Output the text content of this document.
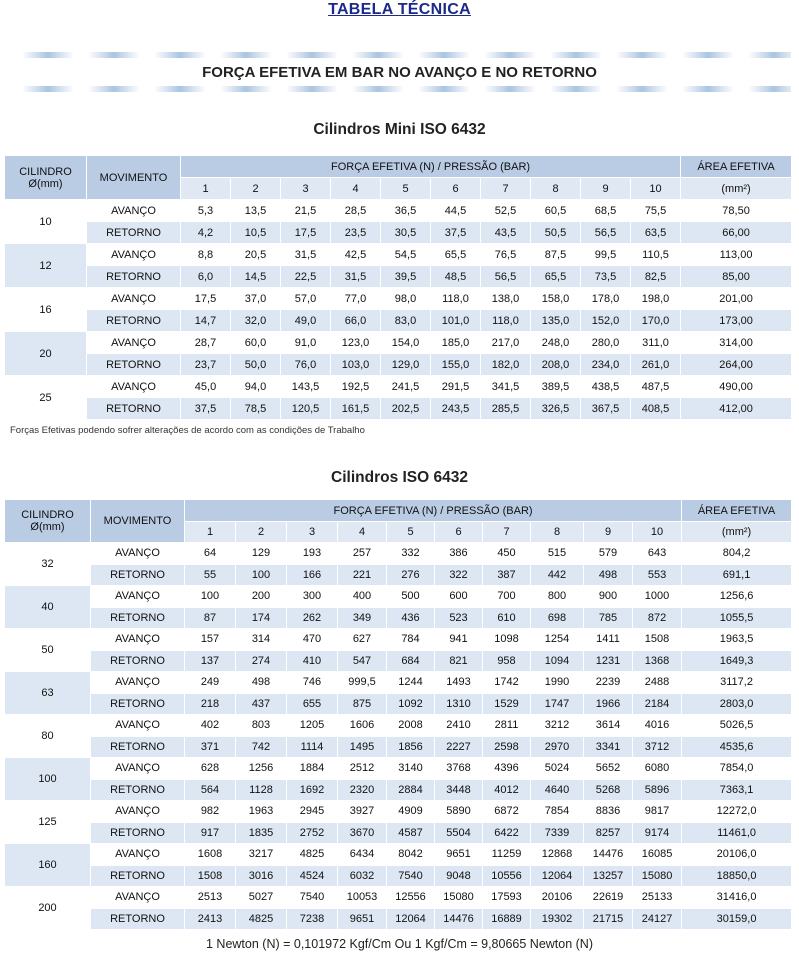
TABELA TÉCNICA
FORÇA EFETIVA EM BAR NO AVANÇO E NO RETORNO
Cilindros Mini ISO 6432
CILINDRO
Ø(mm)	MOVIMENTO	FORÇA EFETIVA (N) / PRESSÃO (BAR)										ÁREA EFETIVA
		1	2	3	4	5	6	7	8	9	10	(mm²)
10	AVANÇO	5,3	13,5	21,5	28,5	36,5	44,5	52,5	60,5	68,5	75,5	78,50
	RETORNO	4,2	10,5	17,5	23,5	30,5	37,5	43,5	50,5	56,5	63,5	66,00
12	AVANÇO	8,8	20,5	31,5	42,5	54,5	65,5	76,5	87,5	99,5	110,5	113,00
	RETORNO	6,0	14,5	22,5	31,5	39,5	48,5	56,5	65,5	73,5	82,5	85,00
16	AVANÇO	17,5	37,0	57,0	77,0	98,0	118,0	138,0	158,0	178,0	198,0	201,00
	RETORNO	14,7	32,0	49,0	66,0	83,0	101,0	118,0	135,0	152,0	170,0	173,00
20	AVANÇO	28,7	60,0	91,0	123,0	154,0	185,0	217,0	248,0	280,0	311,0	314,00
	RETORNO	23,7	50,0	76,0	103,0	129,0	155,0	182,0	208,0	234,0	261,0	264,00
25	AVANÇO	45,0	94,0	143,5	192,5	241,5	291,5	341,5	389,5	438,5	487,5	490,00
	RETORNO	37,5	78,5	120,5	161,5	202,5	243,5	285,5	326,5	367,5	408,5	412,00
Forças Efetivas podendo sofrer alterações de acordo com as condições de Trabalho
Cilindros ISO 6432
CILINDRO
Ø(mm)	MOVIMENTO	FORÇA EFETIVA (N) / PRESSÃO (BAR)										ÁREA EFETIVA
		1	2	3	4	5	6	7	8	9	10	(mm²)
32	AVANÇO	64	129	193	257	332	386	450	515	579	643	804,2
	RETORNO	55	100	166	221	276	322	387	442	498	553	691,1
40	AVANÇO	100	200	300	400	500	600	700	800	900	1000	1256,6
	RETORNO	87	174	262	349	436	523	610	698	785	872	1055,5
50	AVANÇO	157	314	470	627	784	941	1098	1254	1411	1508	1963,5
	RETORNO	137	274	410	547	684	821	958	1094	1231	1368	1649,3
63	AVANÇO	249	498	746	999,5	1244	1493	1742	1990	2239	2488	3117,2
	RETORNO	218	437	655	875	1092	1310	1529	1747	1966	2184	2803,0
80	AVANÇO	402	803	1205	1606	2008	2410	2811	3212	3614	4016	5026,5
	RETORNO	371	742	1114	1495	1856	2227	2598	2970	3341	3712	4535,6
100	AVANÇO	628	1256	1884	2512	3140	3768	4396	5024	5652	6080	7854,0
	RETORNO	564	1128	1692	2320	2884	3448	4012	4640	5268	5896	7363,1
125	AVANÇO	982	1963	2945	3927	4909	5890	6872	7854	8836	9817	12272,0
	RETORNO	917	1835	2752	3670	4587	5504	6422	7339	8257	9174	11461,0
160	AVANÇO	1608	3217	4825	6434	8042	9651	11259	12868	14476	16085	20106,0
	RETORNO	1508	3016	4524	6032	7540	9048	10556	12064	13257	15080	18850,0
200	AVANÇO	2513	5027	7540	10053	12556	15080	17593	20106	22619	25133	31416,0
	RETORNO	2413	4825	7238	9651	12064	14476	16889	19302	21715	24127	30159,0
1 Newton (N) = 0,101972 Kgf/Cm Ou 1 Kgf/Cm = 9,80665 Newton (N)
